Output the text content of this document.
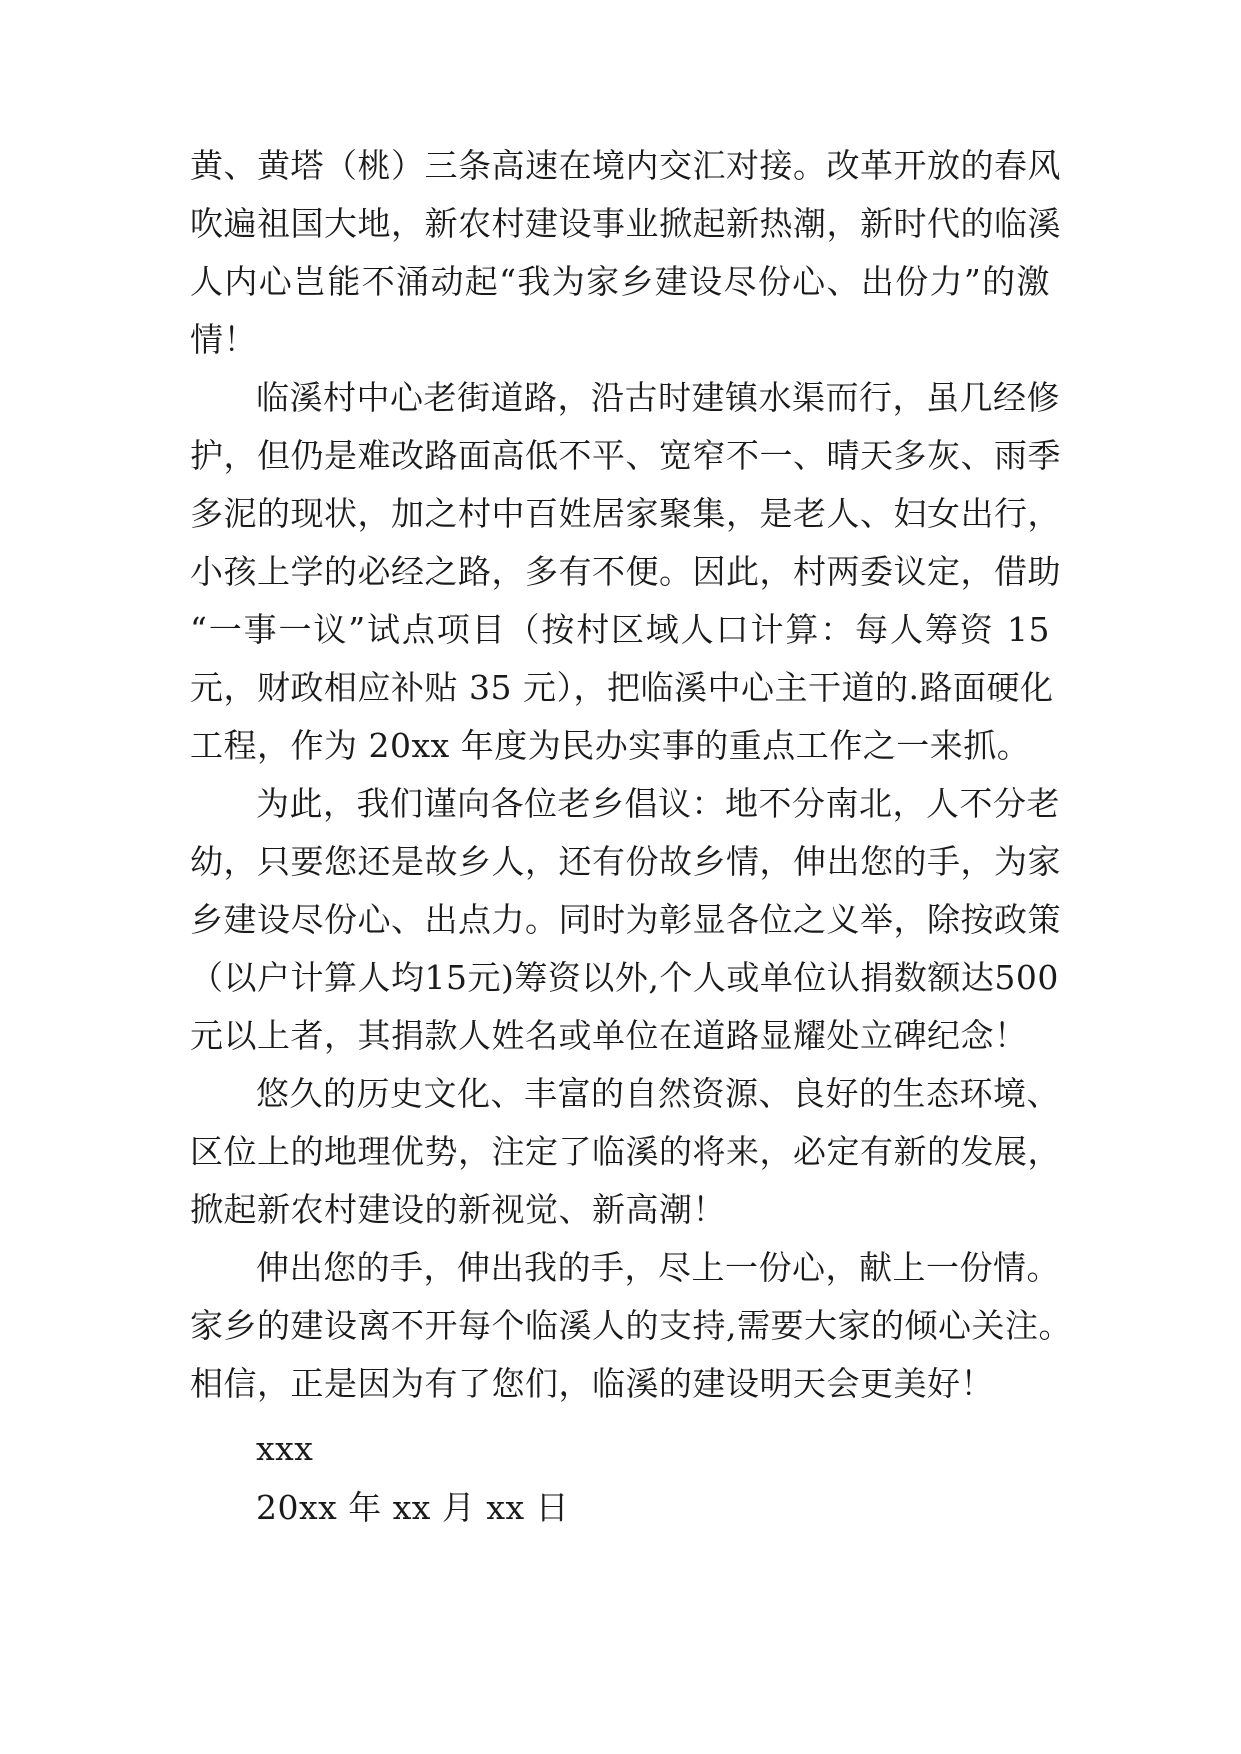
黄、黄塔（桃）三条高速在境内交汇对接。改革开放的春风
吹遍祖国大地，新农村建设事业掀起新热潮，新时代的临溪
人内心岂能不涌动起“我为家乡建设尽份心、出份力”的激
情！
临溪村中心老街道路，沿古时建镇水渠而行，虽几经修
护，但仍是难改路面高低不平、宽窄不一、晴天多灰、雨季
多泥的现状，加之村中百姓居家聚集，是老人、妇女出行，
小孩上学的必经之路，多有不便。因此，村两委议定，借助
“一事一议”试点项目（按村区域人口计算：每人筹资 15
元，财政相应补贴 35 元），把临溪中心主干道的.路面硬化
工程，作为 20xx 年度为民办实事的重点工作之一来抓。
为此，我们谨向各位老乡倡议：地不分南北，人不分老
幼，只要您还是故乡人，还有份故乡情，伸出您的手，为家
乡建设尽份心、出点力。同时为彰显各位之义举，除按政策
（以户计算人均15元)筹资以外,个人或单位认捐数额达500
元以上者，其捐款人姓名或单位在道路显耀处立碑纪念！
悠久的历史文化、丰富的自然资源、良好的生态环境、
区位上的地理优势，注定了临溪的将来，必定有新的发展，
掀起新农村建设的新视觉、新高潮！
伸出您的手，伸出我的手，尽上一份心，献上一份情。
家乡的建设离不开每个临溪人的支持,需要大家的倾心关注。
相信，正是因为有了您们，临溪的建设明天会更美好！
xxx
20xx 年 xx 月 xx 日
